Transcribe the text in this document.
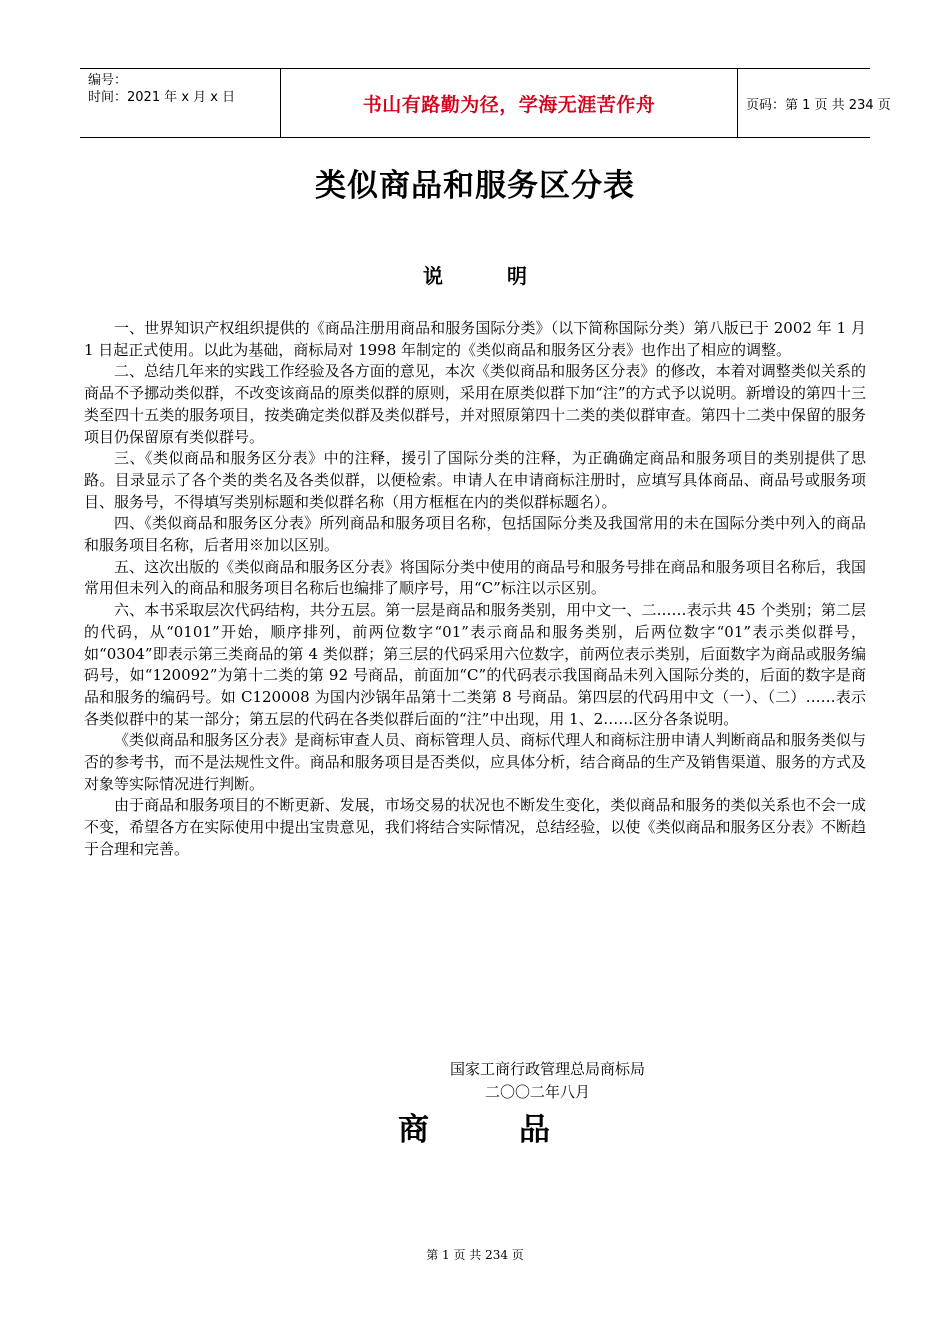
编号：
时间：2021 年 x 月 x 日	书山有路勤为径，学海无涯苦作舟	页码：第 1 页 共 234 页
类似商品和服务区分表
说	明

一、世界知识产权组织提供的《商品注册用商品和服务国际分类》（以下简称国际分类）第八版已于 2002 年 1 月 1 日起正式使用。以此为基础，商标局对 1998 年制定的《类似商品和服务区分表》也作出了相应的调整。

二、总结几年来的实践工作经验及各方面的意见，本次《类似商品和服务区分表》的修改，本着对调整类似关系的商品不予挪动类似群，不改变该商品的原类似群的原则，采用在原类似群下加“注”的方式予以说明。新增设的第四十三类至四十五类的服务项目，按类确定类似群及类似群号，并对照原第四十二类的类似群审查。第四十二类中保留的服务项目仍保留原有类似群号。

三、《类似商品和服务区分表》中的注释，援引了国际分类的注释，为正确确定商品和服务项目的类别提供了思路。目录显示了各个类的类名及各类似群，以便检索。申请人在申请商标注册时，应填写具体商品、商品号或服务项目、服务号，不得填写类别标题和类似群名称（用方框框在内的类似群标题名）。

四、《类似商品和服务区分表》所列商品和服务项目名称，包括国际分类及我国常用的未在国际分类中列入的商品和服务项目名称，后者用※加以区别。

五、这次出版的《类似商品和服务区分表》将国际分类中使用的商品号和服务号排在商品和服务项目名称后，我国常用但未列入的商品和服务项目名称后也编排了顺序号，用“C”标注以示区别。

六、本书采取层次代码结构，共分五层。第一层是商品和服务类别，用中文一、二……表示共 45 个类别；第二层的代码，从“0101”开始，顺序排列，前两位数字“01”表示商品和服务类别，后两位数字“01”表示类似群号，如“0304”即表示第三类商品的第 4 类似群；第三层的代码采用六位数字，前两位表示类别，后面数字为商品或服务编码号，如“120092”为第十二类的第 92 号商品，前面加“C”的代码表示我国商品未列入国际分类的，后面的数字是商品和服务的编码号。如 C120008 为国内沙锅年品第十二类第 8 号商品。第四层的代码用中文（一）、（二）……表示各类似群中的某一部分；第五层的代码在各类似群后面的“注”中出现，用 1、2……区分各条说明。

《类似商品和服务区分表》是商标审查人员、商标管理人员、商标代理人和商标注册申请人判断商品和服务类似与否的参考书，而不是法规性文件。商品和服务项目是否类似，应具体分析，结合商品的生产及销售渠道、服务的方式及对象等实际情况进行判断。

由于商品和服务项目的不断更新、发展，市场交易的状况也不断发生变化，类似商品和服务的类似关系也不会一成不变，希望各方在实际使用中提出宝贵意见，我们将结合实际情况，总结经验，以使《类似商品和服务区分表》不断趋于合理和完善。

国家工商行政管理总局商标局
二〇〇二年八月
商	品
第 1 页 共 234 页
